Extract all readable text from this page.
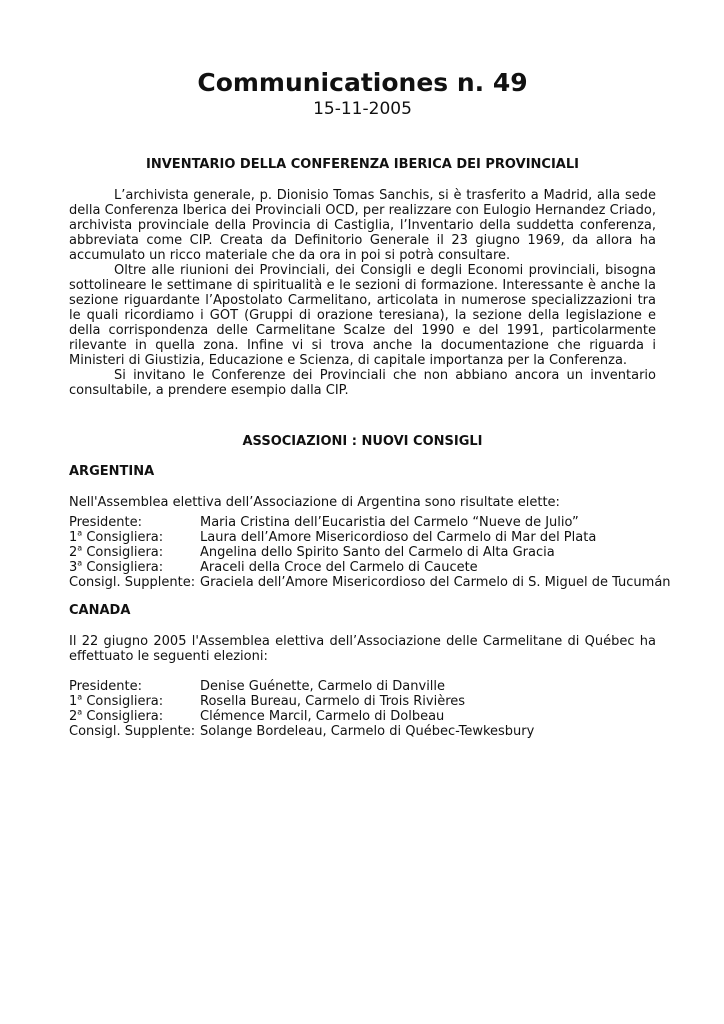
Communicationes n. 49
15-11-2005
INVENTARIO DELLA CONFERENZA IBERICA DEI PROVINCIALI

L’archivista generale, p. Dionisio Tomas Sanchis, si è trasferito a Madrid, alla sede della Conferenza Iberica dei Provinciali OCD, per realizzare con Eulogio Hernandez Criado, archivista provinciale della Provincia di Castiglia, l’Inventario della suddetta conferenza, abbreviata come CIP. Creata da Definitorio Generale il 23 giugno 1969, da allora ha accumulato un ricco materiale che da ora in poi si potrà consultare.

Oltre alle riunioni dei Provinciali, dei Consigli e degli Economi provinciali, bisogna sottolineare le settimane di spiritualità e le sezioni di formazione. Interessante è anche la sezione riguardante l’Apostolato Carmelitano, articolata in numerose specializzazioni tra le quali ricordiamo i GOT (Gruppi di orazione teresiana), la sezione della legislazione e della corrispondenza delle Carmelitane Scalze del 1990 e del 1991, particolarmente rilevante in quella zona. Infine vi si trova anche la documentazione che riguarda i Ministeri di Giustizia, Educazione e Scienza, di capitale importanza per la Conferenza.

Si invitano le Conferenze dei Provinciali che non abbiano ancora un inventario consultabile, a prendere esempio dalla CIP.

ASSOCIAZIONI : NUOVI CONSIGLI
ARGENTINA
Nell'Assemblea elettiva dell’Associazione di Argentina sono risultate elette:
Presidente:	Maria Cristina dell’Eucaristia del Carmelo “Nueve de Julio”
1$^a$ Consigliera:	Laura dell’Amore Misericordioso del Carmelo di Mar del Plata
2$^a$ Consigliera:	Angelina dello Spirito Santo del Carmelo di Alta Gracia
3$^a$ Consigliera:	Araceli della Croce del Carmelo di Caucete
Consigl. Supplente: Graciela dell’Amore Misericordioso del Carmelo di S. Miguel de Tucumán
CANADA
Il 22 giugno 2005 l'Assemblea elettiva dell’Associazione delle Carmelitane di Québec ha effettuato le seguenti elezioni:
Presidente:	Denise Guénette, Carmelo di Danville
1$^a$ Consigliera:	Rosella Bureau, Carmelo di Trois Rivières
2$^a$ Consigliera:	Clémence Marcil, Carmelo di Dolbeau
Consigl. Supplente: Solange Bordeleau, Carmelo di Québec-Tewkesbury
